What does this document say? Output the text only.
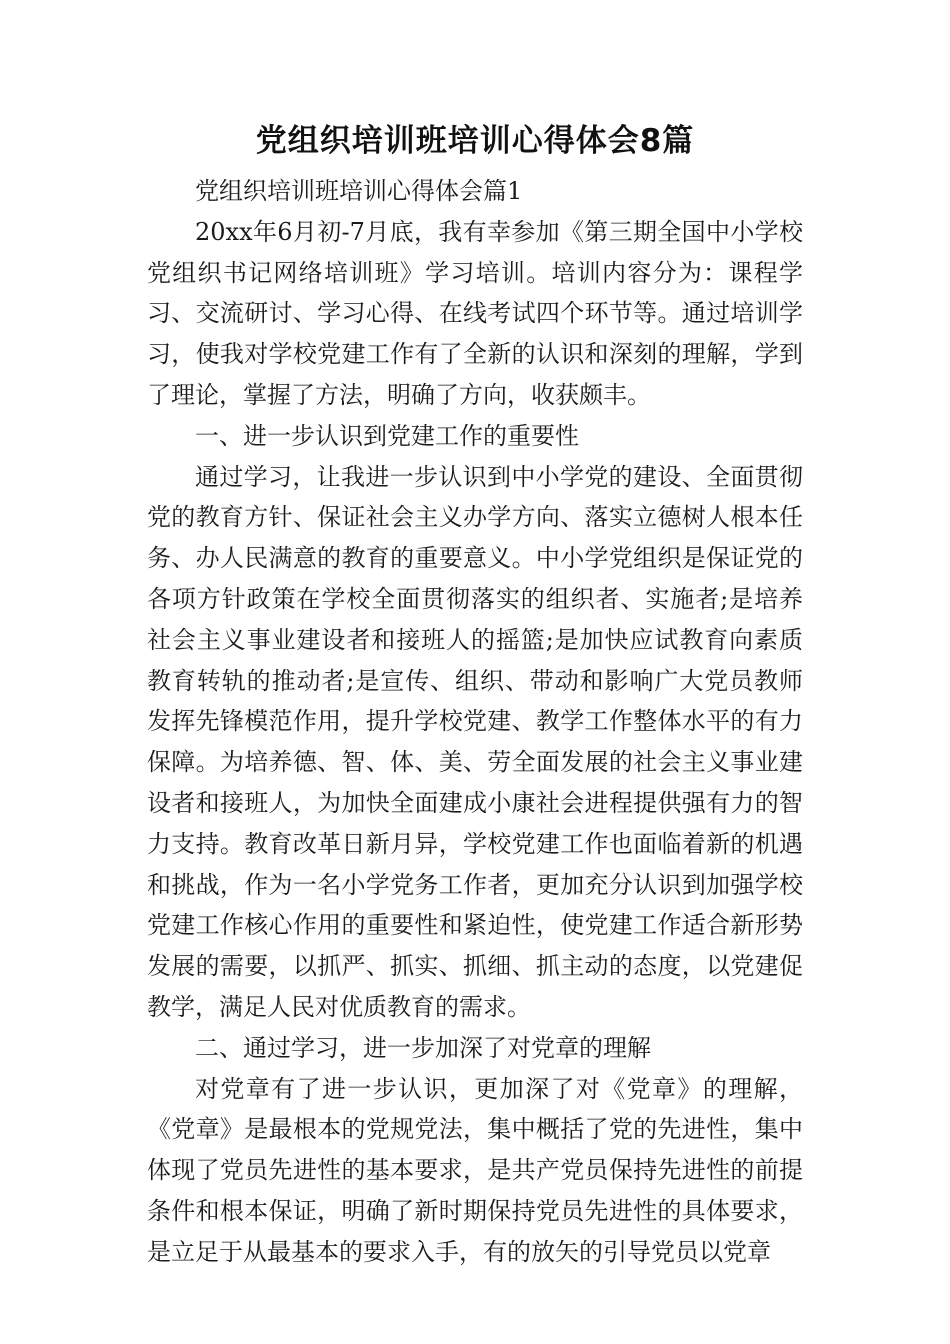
党组织培训班培训心得体会8篇

党组织培训班培训心得体会篇1

20xx年6月初-7月底，我有幸参加《第三期全国中小学校党组织书记网络培训班》学习培训。培训内容分为：课程学习、交流研讨、学习心得、在线考试四个环节等。通过培训学习，使我对学校党建工作有了全新的认识和深刻的理解，学到了理论，掌握了方法，明确了方向，收获颇丰。

一、进一步认识到党建工作的重要性

通过学习，让我进一步认识到中小学党的建设、全面贯彻党的教育方针、保证社会主义办学方向、落实立德树人根本任务、办人民满意的教育的重要意义。中小学党组织是保证党的各项方针政策在学校全面贯彻落实的组织者、实施者;是培养社会主义事业建设者和接班人的摇篮;是加快应试教育向素质教育转轨的推动者;是宣传、组织、带动和影响广大党员教师发挥先锋模范作用，提升学校党建、教学工作整体水平的有力保障。为培养德、智、体、美、劳全面发展的社会主义事业建设者和接班人，为加快全面建成小康社会进程提供强有力的智力支持。教育改革日新月异，学校党建工作也面临着新的机遇和挑战，作为一名小学党务工作者，更加充分认识到加强学校党建工作核心作用的重要性和紧迫性，使党建工作适合新形势发展的需要，以抓严、抓实、抓细、抓主动的态度，以党建促教学，满足人民对优质教育的需求。

二、通过学习，进一步加深了对党章的理解

对党章有了进一步认识，更加深了对《党章》的理解，《党章》是最根本的党规党法，集中概括了党的先进性，集中体现了党员先进性的基本要求，是共产党员保持先进性的前提条件和根本保证，明确了新时期保持党员先进性的具体要求，是立足于从最基本的要求入手，有的放矢的引导党员以党章
